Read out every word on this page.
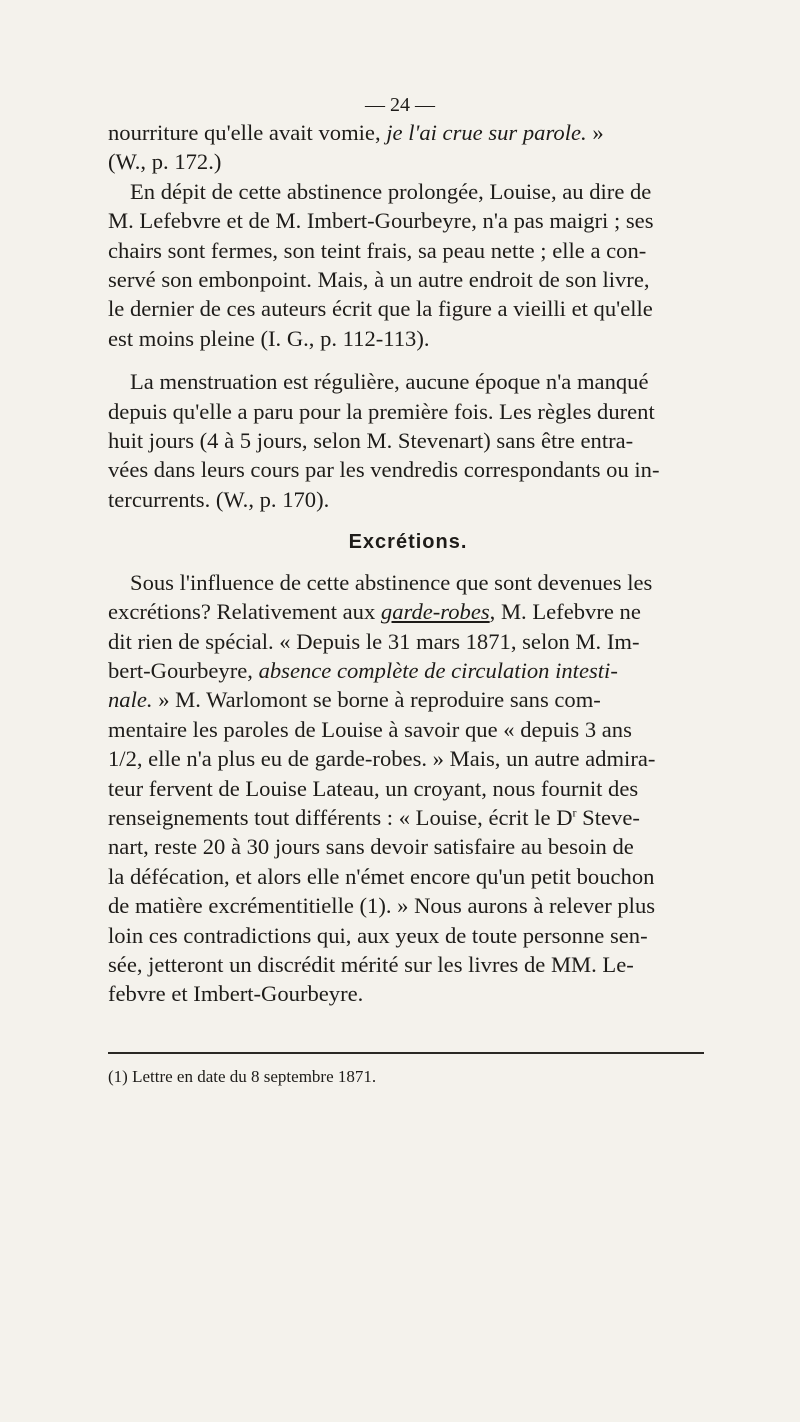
— 24 —
nourriture qu'elle avait vomie, je l'ai crue sur parole. »
(W., p. 172.)
En dépit de cette abstinence prolongée, Louise, au dire de
M. Lefebvre et de M. Imbert-Gourbeyre, n'a pas maigri ; ses
chairs sont fermes, son teint frais, sa peau nette ; elle a con-
servé son embonpoint. Mais, à un autre endroit de son livre,
le dernier de ces auteurs écrit que la figure a vieilli et qu'elle
est moins pleine (I. G., p. 112-113).
La menstruation est régulière, aucune époque n'a manqué
depuis qu'elle a paru pour la première fois. Les règles durent
huit jours (4 à 5 jours, selon M. Stevenart) sans être entra-
vées dans leurs cours par les vendredis correspondants ou in-
tercurrents. (W., p. 170).
Excrétions.
Sous l'influence de cette abstinence que sont devenues les
excrétions? Relativement aux garde-robes, M. Lefebvre ne
dit rien de spécial. « Depuis le 31 mars 1871, selon M. Im-
bert-Gourbeyre, absence complète de circulation intesti-
nale. » M. Warlomont se borne à reproduire sans com-
mentaire les paroles de Louise à savoir que « depuis 3 ans
1/2, elle n'a plus eu de garde-robes. » Mais, un autre admira-
teur fervent de Louise Lateau, un croyant, nous fournit des
renseignements tout différents : « Louise, écrit le $D^r$ Steve-
nart, reste 20 à 30 jours sans devoir satisfaire au besoin de
la défécation, et alors elle n'émet encore qu'un petit bouchon
de matière excrémentitielle (1). » Nous aurons à relever plus
loin ces contradictions qui, aux yeux de toute personne sen-
sée, jetteront un discrédit mérité sur les livres de MM. Le-
febvre et Imbert-Gourbeyre.
(1) Lettre en date du 8 septembre 1871.
